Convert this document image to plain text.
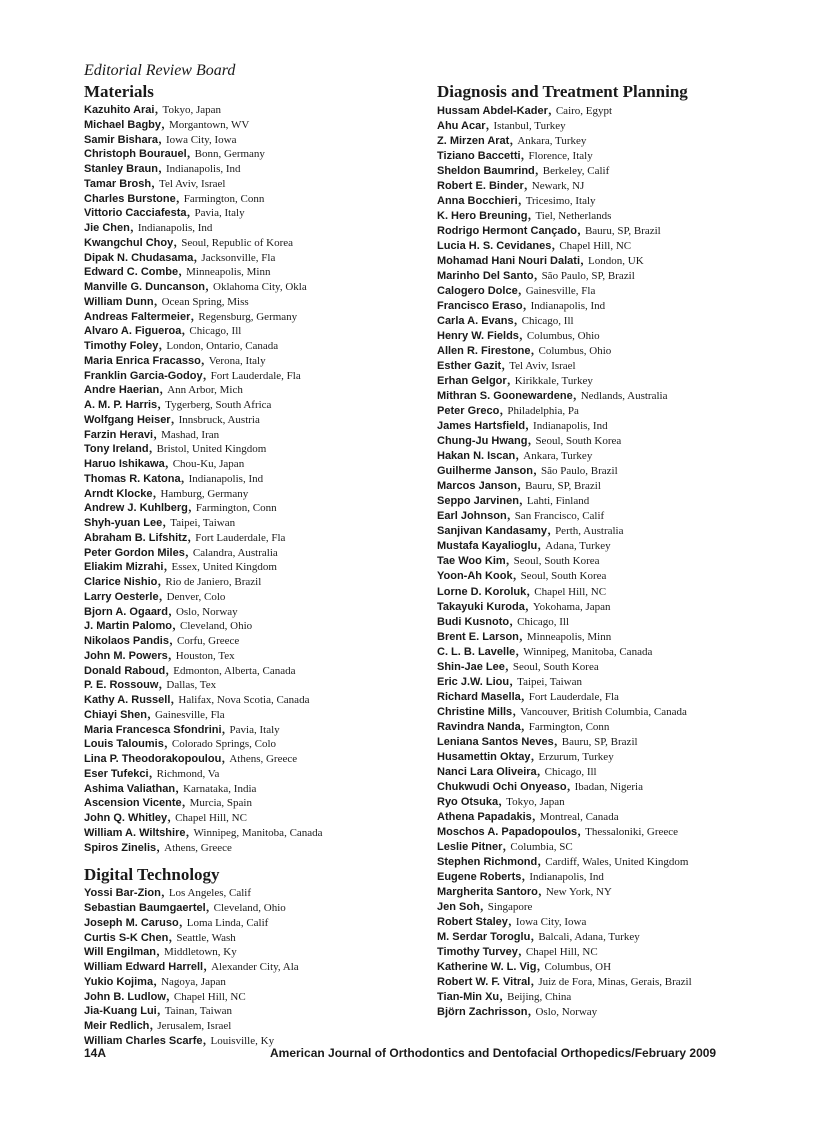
Editorial Review Board
Materials
Kazuhito Arai, Tokyo, Japan
Michael Bagby, Morgantown, WV
Samir Bishara, Iowa City, Iowa
Christoph Bourauel, Bonn, Germany
Stanley Braun, Indianapolis, Ind
Tamar Brosh, Tel Aviv, Israel
Charles Burstone, Farmington, Conn
Vittorio Cacciafesta, Pavia, Italy
Jie Chen, Indianapolis, Ind
Kwangchul Choy, Seoul, Republic of Korea
Dipak N. Chudasama, Jacksonville, Fla
Edward C. Combe, Minneapolis, Minn
Manville G. Duncanson, Oklahoma City, Okla
William Dunn, Ocean Spring, Miss
Andreas Faltermeier, Regensburg, Germany
Alvaro A. Figueroa, Chicago, Ill
Timothy Foley, London, Ontario, Canada
Maria Enrica Fracasso, Verona, Italy
Franklin Garcia-Godoy, Fort Lauderdale, Fla
Andre Haerian, Ann Arbor, Mich
A. M. P. Harris, Tygerberg, South Africa
Wolfgang Heiser, Innsbruck, Austria
Farzin Heravi, Mashad, Iran
Tony Ireland, Bristol, United Kingdom
Haruo Ishikawa, Chou-Ku, Japan
Thomas R. Katona, Indianapolis, Ind
Arndt Klocke, Hamburg, Germany
Andrew J. Kuhlberg, Farmington, Conn
Shyh-yuan Lee, Taipei, Taiwan
Abraham B. Lifshitz, Fort Lauderdale, Fla
Peter Gordon Miles, Calandra, Australia
Eliakim Mizrahi, Essex, United Kingdom
Clarice Nishio, Rio de Janiero, Brazil
Larry Oesterle, Denver, Colo
Bjorn A. Ogaard, Oslo, Norway
J. Martin Palomo, Cleveland, Ohio
Nikolaos Pandis, Corfu, Greece
John M. Powers, Houston, Tex
Donald Raboud, Edmonton, Alberta, Canada
P. E. Rossouw, Dallas, Tex
Kathy A. Russell, Halifax, Nova Scotia, Canada
Chiayi Shen, Gainesville, Fla
Maria Francesca Sfondrini, Pavia, Italy
Louis Taloumis, Colorado Springs, Colo
Lina P. Theodorakopoulou, Athens, Greece
Eser Tufekci, Richmond, Va
Ashima Valiathan, Karnataka, India
Ascension Vicente, Murcia, Spain
John Q. Whitley, Chapel Hill, NC
William A. Wiltshire, Winnipeg, Manitoba, Canada
Spiros Zinelis, Athens, Greece
Digital Technology
Yossi Bar-Zion, Los Angeles, Calif
Sebastian Baumgaertel, Cleveland, Ohio
Joseph M. Caruso, Loma Linda, Calif
Curtis S-K Chen, Seattle, Wash
Will Engilman, Middletown, Ky
William Edward Harrell, Alexander City, Ala
Yukio Kojima, Nagoya, Japan
John B. Ludlow, Chapel Hill, NC
Jia-Kuang Lui, Tainan, Taiwan
Meir Redlich, Jerusalem, Israel
William Charles Scarfe, Louisville, Ky
Diagnosis and Treatment Planning
Hussam Abdel-Kader, Cairo, Egypt
Ahu Acar, Istanbul, Turkey
Z. Mirzen Arat, Ankara, Turkey
Tiziano Baccetti, Florence, Italy
Sheldon Baumrind, Berkeley, Calif
Robert E. Binder, Newark, NJ
Anna Bocchieri, Tricesimo, Italy
K. Hero Breuning, Tiel, Netherlands
Rodrigo Hermont Cançado, Bauru, SP, Brazil
Lucia H. S. Cevidanes, Chapel Hill, NC
Mohamad Hani Nouri Dalati, London, UK
Marinho Del Santo, São Paulo, SP, Brazil
Calogero Dolce, Gainesville, Fla
Francisco Eraso, Indianapolis, Ind
Carla A. Evans, Chicago, Ill
Henry W. Fields, Columbus, Ohio
Allen R. Firestone, Columbus, Ohio
Esther Gazit, Tel Aviv, Israel
Erhan Gelgor, Kirikkale, Turkey
Mithran S. Goonewardene, Nedlands, Australia
Peter Greco, Philadelphia, Pa
James Hartsfield, Indianapolis, Ind
Chung-Ju Hwang, Seoul, South Korea
Hakan N. Iscan, Ankara, Turkey
Guilherme Janson, São Paulo, Brazil
Marcos Janson, Bauru, SP, Brazil
Seppo Jarvinen, Lahti, Finland
Earl Johnson, San Francisco, Calif
Sanjivan Kandasamy, Perth, Australia
Mustafa Kayalioglu, Adana, Turkey
Tae Woo Kim, Seoul, South Korea
Yoon-Ah Kook, Seoul, South Korea
Lorne D. Koroluk, Chapel Hill, NC
Takayuki Kuroda, Yokohama, Japan
Budi Kusnoto, Chicago, Ill
Brent E. Larson, Minneapolis, Minn
C. L. B. Lavelle, Winnipeg, Manitoba, Canada
Shin-Jae Lee, Seoul, South Korea
Eric J.W. Liou, Taipei, Taiwan
Richard Masella, Fort Lauderdale, Fla
Christine Mills, Vancouver, British Columbia, Canada
Ravindra Nanda, Farmington, Conn
Leniana Santos Neves, Bauru, SP, Brazil
Husamettin Oktay, Erzurum, Turkey
Nanci Lara Oliveira, Chicago, Ill
Chukwudi Ochi Onyeaso, Ibadan, Nigeria
Ryo Otsuka, Tokyo, Japan
Athena Papadakis, Montreal, Canada
Moschos A. Papadopoulos, Thessaloniki, Greece
Leslie Pitner, Columbia, SC
Stephen Richmond, Cardiff, Wales, United Kingdom
Eugene Roberts, Indianapolis, Ind
Margherita Santoro, New York, NY
Jen Soh, Singapore
Robert Staley, Iowa City, Iowa
M. Serdar Toroglu, Balcali, Adana, Turkey
Timothy Turvey, Chapel Hill, NC
Katherine W. L. Vig, Columbus, OH
Robert W. F. Vitral, Juiz de Fora, Minas, Gerais, Brazil
Tian-Min Xu, Beijing, China
Björn Zachrisson, Oslo, Norway
14A	American Journal of Orthodontics and Dentofacial Orthopedics/February 2009
